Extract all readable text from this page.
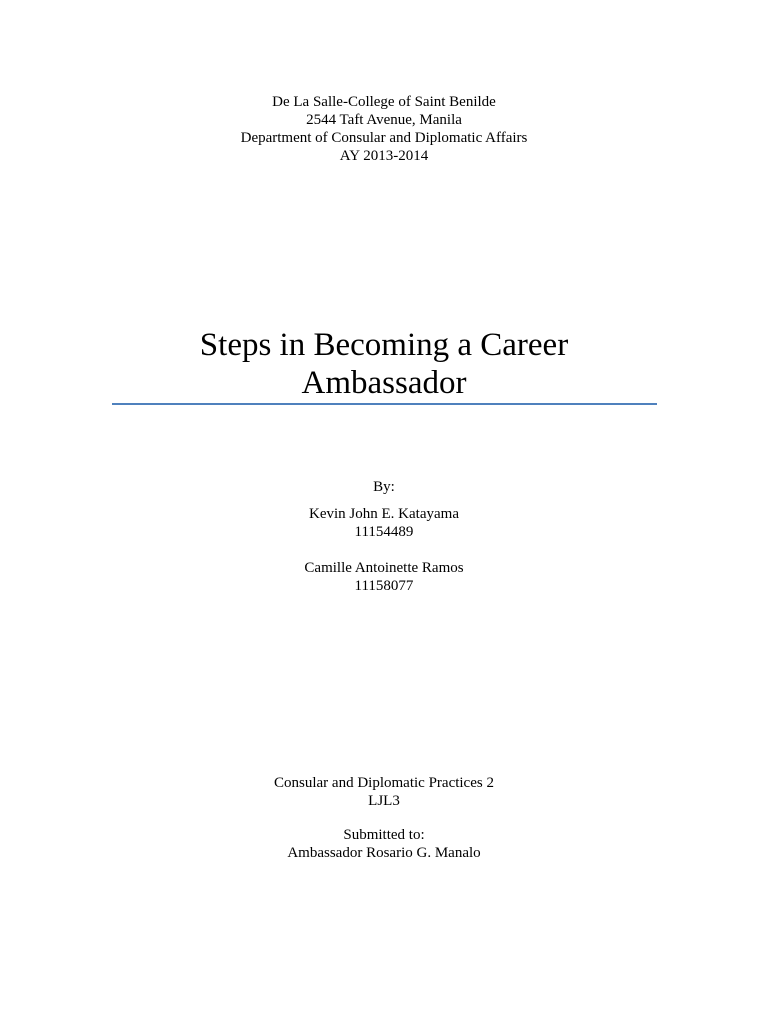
De La Salle-College of Saint Benilde
2544 Taft Avenue, Manila
Department of Consular and Diplomatic Affairs
AY 2013-2014
Steps in Becoming a Career
Ambassador
By:
Kevin John E. Katayama
11154489
Camille Antoinette Ramos
11158077
Consular and Diplomatic Practices 2
LJL3
Submitted to:
Ambassador Rosario G. Manalo
